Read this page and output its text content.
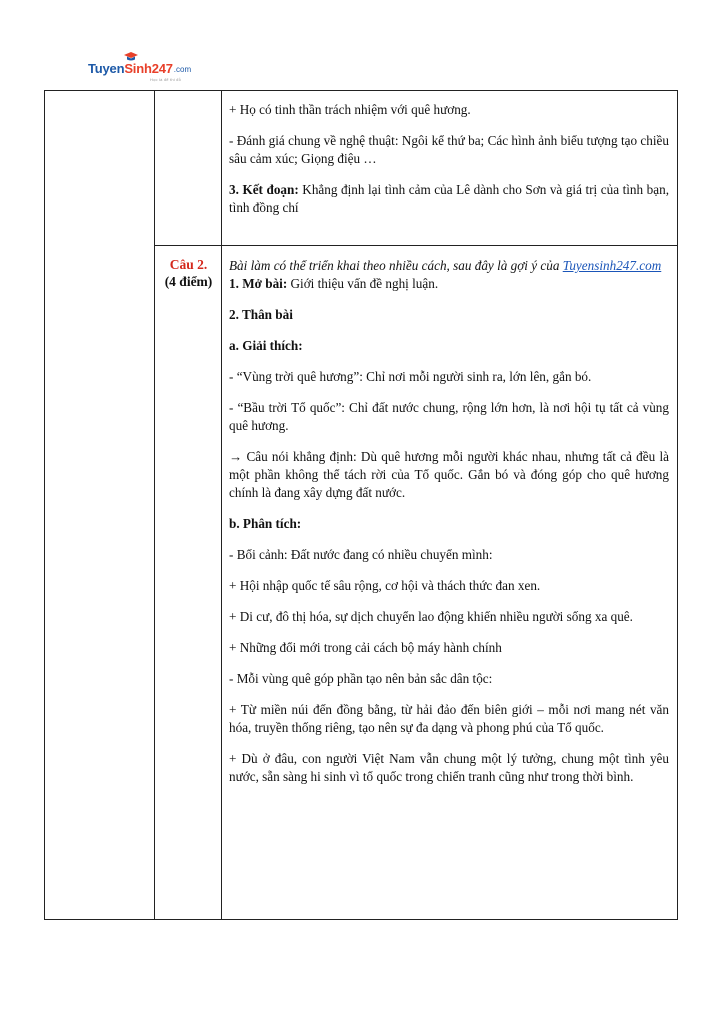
Tuyen Sinh247 .com
Học là để thi đỗ

+ Họ có tinh thần trách nhiệm với quê hương.

- Đánh giá chung về nghệ thuật: Ngôi kể thứ ba; Các hình ảnh biểu tượng tạo chiều sâu cảm xúc; Giọng điệu …

3. Kết đoạn: Khẳng định lại tình cảm của Lê dành cho Sơn và giá trị của tình bạn, tình đồng chí

Câu 2.
(4 điểm)

Bài làm có thể triển khai theo nhiều cách, sau đây là gợi ý của Tuyensinh247.com

1. Mở bài: Giới thiệu vấn đề nghị luận.

2. Thân bài

a. Giải thích:

- “Vùng trời quê hương”: Chỉ nơi mỗi người sinh ra, lớn lên, gắn bó.

- “Bầu trời Tổ quốc”: Chỉ đất nước chung, rộng lớn hơn, là nơi hội tụ tất cả vùng quê hương.

→ Câu nói khẳng định: Dù quê hương mỗi người khác nhau, nhưng tất cả đều là một phần không thể tách rời của Tổ quốc. Gắn bó và đóng góp cho quê hương chính là đang xây dựng đất nước.

b. Phân tích:

- Bối cảnh: Đất nước đang có nhiều chuyển mình:

+ Hội nhập quốc tế sâu rộng, cơ hội và thách thức đan xen.

+ Di cư, đô thị hóa, sự dịch chuyển lao động khiến nhiều người sống xa quê.

+ Những đổi mới trong cải cách bộ máy hành chính

- Mỗi vùng quê góp phần tạo nên bản sắc dân tộc:

+ Từ miền núi đến đồng bằng, từ hải đảo đến biên giới – mỗi nơi mang nét văn hóa, truyền thống riêng, tạo nên sự đa dạng và phong phú của Tổ quốc.

+ Dù ở đâu, con người Việt Nam vẫn chung một lý tưởng, chung một tình yêu nước, sẵn sàng hi sinh vì tổ quốc trong chiến tranh cũng như trong thời bình.
